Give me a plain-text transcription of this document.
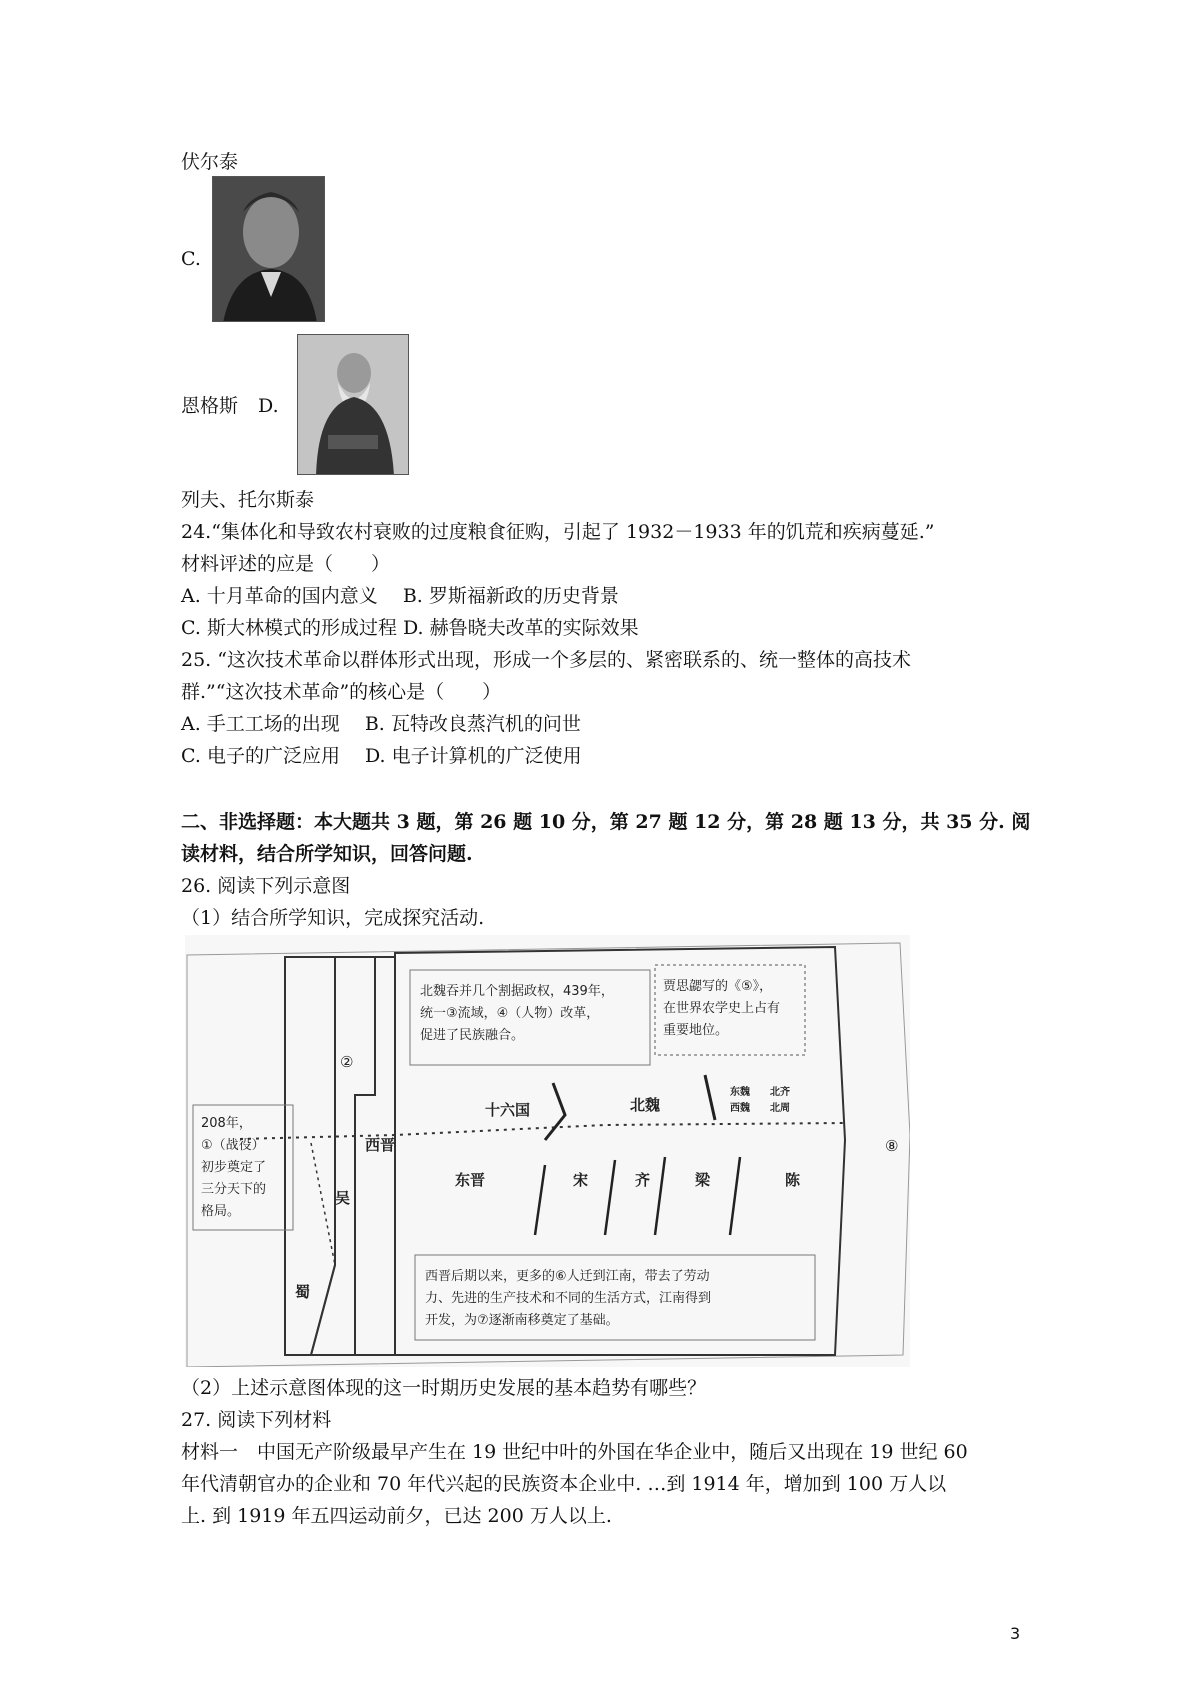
伏尔泰
C.
恩格斯 D.
列夫、托尔斯泰
24.“集体化和导致农村衰败的过度粮食征购，引起了 1932－1933 年的饥荒和疾病蔓延.”
材料评述的应是（　　）
A. 十月革命的国内意义　 B. 罗斯福新政的历史背景
C. 斯大林模式的形成过程 D. 赫鲁晓夫改革的实际效果
25. “这次技术革命以群体形式出现，形成一个多层的、紧密联系的、统一整体的高技术
群.”“这次技术革命”的核心是（　　）
A. 手工工场的出现　 B. 瓦特改良蒸汽机的问世
C. 电子的广泛应用　 D. 电子计算机的广泛使用
二、非选择题：本大题共 3 题，第 26 题 10 分，第 27 题 12 分，第 28 题 13 分，共 35 分. 阅
读材料，结合所学知识，回答问题.
26. 阅读下列示意图
（1）结合所学知识，完成探究活动.
北魏吞并几个割据政权，439年，
统一③流域，④（人物）改革，
促进了民族融合。
贾思勰写的《⑤》，
在世界农学史上占有
重要地位。
208年，
①（战役）
初步奠定了
三分天下的
格局。
西晋后期以来，更多的⑥人迁到江南，带去了劳动
力、先进的生产技术和不同的生活方式，江南得到
开发，为⑦逐渐南移奠定了基础。
②
⑧
十六国	北魏
东魏
西魏
北齐
北周
西晋
东晋	宋	齐	梁	陈
吴
蜀
（2）上述示意图体现的这一时期历史发展的基本趋势有哪些？
27. 阅读下列材料
材料一　中国无产阶级最早产生在 19 世纪中叶的外国在华企业中，随后又出现在 19 世纪 60
年代清朝官办的企业和 70 年代兴起的民族资本企业中. …到 1914 年，增加到 100 万人以
上. 到 1919 年五四运动前夕，已达 200 万人以上.
3
